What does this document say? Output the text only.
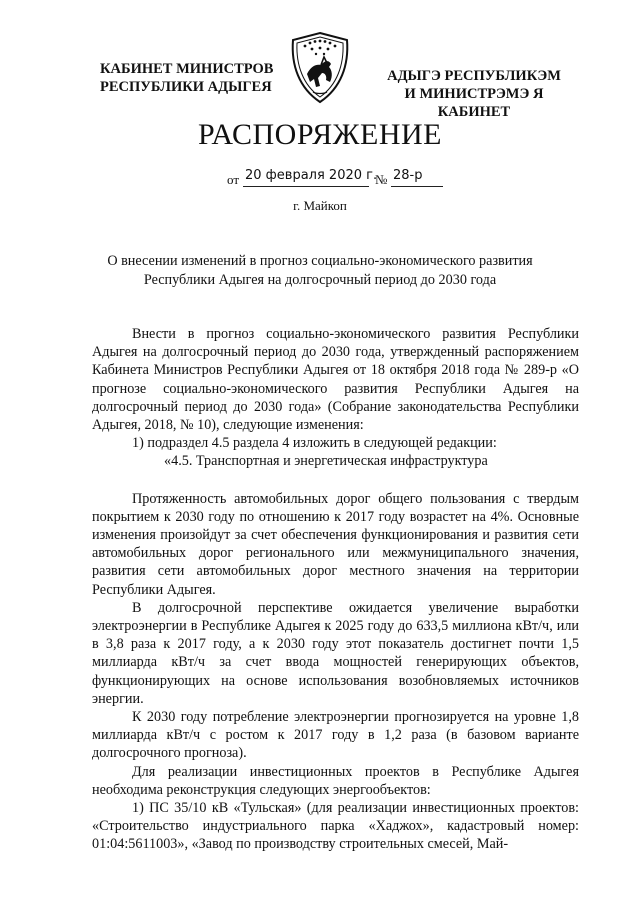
КАБИНЕТ МИНИСТРОВ
РЕСПУБЛИКИ АДЫГЕЯ
АДЫГЭ РЕСПУБЛИКЭМ
И МИНИСТРЭМЭ Я КАБИНЕТ
РАСПОРЯЖЕНИЕ
от 20 февраля 2020 г.
№ 28-р
г. Майкоп
О внесении изменений в прогноз социально-экономического развития
Республики Адыгея на долгосрочный период до 2030 года

Внести в прогноз социально-экономического развития Республики Адыгея на долгосрочный период до 2030 года, утвержденный распоряжением Кабинета Министров Республики Адыгея от 18 октября 2018 года № 289-р «О прогнозе социально-экономического развития Республики Адыгея на долгосрочный период до 2030 года» (Собрание законодательства Республики Адыгея, 2018, № 10), следующие изменения:

1) подраздел 4.5 раздела 4 изложить в следующей редакции:

«4.5. Транспортная и энергетическая инфраструктура

Протяженность автомобильных дорог общего пользования с твердым покрытием к 2030 году по отношению к 2017 году возрастет на 4%. Основные изменения произойдут за счет обеспечения функционирования и развития сети автомобильных дорог регионального или межмуниципального значения, развития сети автомобильных дорог местного значения на территории Республики Адыгея.

В долгосрочной перспективе ожидается увеличение выработки электроэнергии в Республике Адыгея к 2025 году до 633,5 миллиона кВт/ч, или в 3,8 раза к 2017 году, а к 2030 году этот показатель достигнет почти 1,5 миллиарда кВт/ч за счет ввода мощностей генерирующих объектов, функционирующих на основе использования возобновляемых источников энергии.

К 2030 году потребление электроэнергии прогнозируется на уровне 1,8 миллиарда кВт/ч с ростом к 2017 году в 1,2 раза (в базовом варианте долгосрочного прогноза).

Для реализации инвестиционных проектов в Республике Адыгея необходима реконструкция следующих энергообъектов:

1) ПС 35/10 кВ «Тульская» (для реализации инвестиционных проектов: «Строительство индустриального парка «Хаджох», кадастровый номер: 01:04:5611003», «Завод по производству строительных смесей, Май-
